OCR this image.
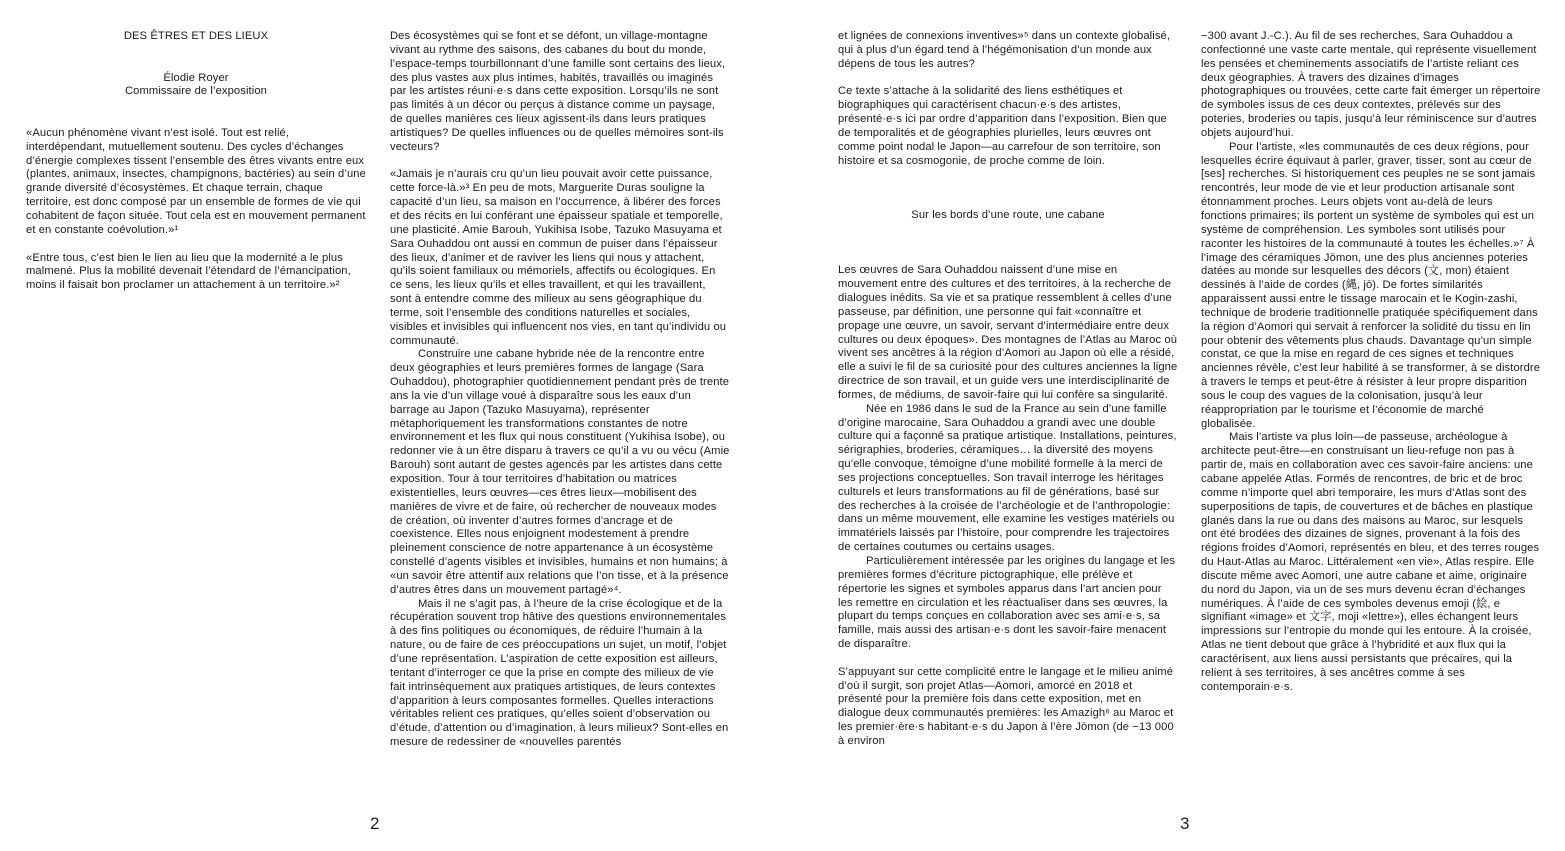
DES ÊTRES ET DES LIEUX
Élodie Royer
Commissaire de l’exposition

«Aucun phénomène vivant n’est isolé. Tout est relié, interdépendant, mutuellement soutenu. Des cycles d’échanges d’énergie complexes tissent l’ensemble des êtres vivants entre eux (plantes, animaux, insectes, champignons, bactéries) au sein d’une grande diversité d’écosystèmes. Et chaque terrain, chaque territoire, est donc composé par un ensemble de formes de vie qui cohabitent de façon située. Tout cela est en mouvement permanent et en constante coévolution.»¹

«Entre tous, c’est bien le lien au lieu que la modernité a le plus malmené. Plus la mobilité devenait l’étendard de l’émancipation, moins il faisait bon proclamer un attachement à un territoire.»²

Des écosystèmes qui se font et se défont, un village-montagne vivant au rythme des saisons, des cabanes du bout du monde, l’espace-temps tourbillonnant d’une famille sont certains des lieux, des plus vastes aux plus intimes, habités, travaillés ou imaginés par les artistes réuni·e·s dans cette exposition. Lorsqu’ils ne sont pas limités à un décor ou perçus à distance comme un paysage, de quelles manières ces lieux agissent-ils dans leurs pratiques artistiques? De quelles influences ou de quelles mémoires sont-ils vecteurs?

«Jamais je n’aurais cru qu’un lieu pouvait avoir cette puissance, cette force-là.»³ En peu de mots, Marguerite Duras souligne la capacité d’un lieu, sa maison en l’occurrence, à libérer des forces et des récits en lui conférant une épaisseur spatiale et temporelle, une plasticité. Amie Barouh, Yukihisa Isobe, Tazuko Masuyama et Sara Ouhaddou ont aussi en commun de puiser dans l’épaisseur des lieux, d’animer et de raviver les liens qui nous y attachent, qu’ils soient familiaux ou mémoriels, affectifs ou écologiques. En ce sens, les lieux qu’ils et elles travaillent, et qui les travaillent, sont à entendre comme des milieux au sens géographique du terme, soit l’ensemble des conditions naturelles et sociales, visibles et invisibles qui influencent nos vies, en tant qu’individu ou communauté.

Construire une cabane hybride née de la rencontre entre deux géographies et leurs premières formes de langage (Sara Ouhaddou), photographier quotidiennement pendant près de trente ans la vie d’un village voué à disparaître sous les eaux d’un barrage au Japon (Tazuko Masuyama), représenter métaphoriquement les transformations constantes de notre environnement et les flux qui nous constituent (Yukihisa Isobe), ou redonner vie à un être disparu à travers ce qu’il a vu ou vécu (Amie Barouh) sont autant de gestes agencés par les artistes dans cette exposition. Tour à tour territoires d’habitation ou matrices existentielles, leurs œuvres—ces êtres lieux—mobilisent des manières de vivre et de faire, où rechercher de nouveaux modes de création, où inventer d’autres formes d’ancrage et de coexistence. Elles nous enjoignent modestement à prendre pleinement conscience de notre appartenance à un écosystème constellé d’agents visibles et invisibles, humains et non humains; à «un savoir être attentif aux relations que l’on tisse, et à la présence d’autres êtres dans un mouvement partagé»⁴.

Mais il ne s’agit pas, à l’heure de la crise écologique et de la récupération souvent trop hâtive des questions environnementales à des fins politiques ou économiques, de réduire l’humain à la nature, ou de faire de ces préoccupations un sujet, un motif, l’objet d’une représentation. L’aspiration de cette exposition est ailleurs, tentant d’interroger ce que la prise en compte des milieux de vie fait intrinsèquement aux pratiques artistiques, de leurs contextes d’apparition à leurs composantes formelles. Quelles interactions véritables relient ces pratiques, qu’elles soient d’observation ou d’étude, d’attention ou d’imagination, à leurs milieux? Sont-elles en mesure de redessiner de «nouvelles parentés

2

et lignées de connexions inventives»⁵ dans un contexte globalisé, qui à plus d’un égard tend à l’hégémonisation d’un monde aux dépens de tous les autres?

Ce texte s’attache à la solidarité des liens esthétiques et biographiques qui caractérisent chacun·e·s des artistes, présenté·e·s ici par ordre d’apparition dans l’exposition. Bien que de temporalités et de géographies plurielles, leurs œuvres ont comme point nodal le Japon—au carrefour de son territoire, son histoire et sa cosmogonie, de proche comme de loin.

Sur les bords d’une route, une cabane

Les œuvres de Sara Ouhaddou naissent d’une mise en mouvement entre des cultures et des territoires, à la recherche de dialogues inédits. Sa vie et sa pratique ressemblent à celles d’une passeuse, par définition, une personne qui fait «connaître et propage une œuvre, un savoir, servant d’intermédiaire entre deux cultures ou deux époques». Des montagnes de l’Atlas au Maroc où vivent ses ancêtres à la région d’Aomori au Japon où elle a résidé, elle a suivi le fil de sa curiosité pour des cultures anciennes la ligne directrice de son travail, et un guide vers une interdisciplinarité de formes, de médiums, de savoir-faire qui lui confère sa singularité.

Née en 1986 dans le sud de la France au sein d’une famille d’origine marocaine, Sara Ouhaddou a grandi avec une double culture qui a façonné sa pratique artistique. Installations, peintures, sérigraphies, broderies, céramiques… la diversité des moyens qu’elle convoque, témoigne d’une mobilité formelle à la merci de ses projections conceptuelles. Son travail interroge les héritages culturels et leurs transformations au fil de générations, basé sur des recherches à la croisée de l’archéologie et de l’anthropologie: dans un même mouvement, elle examine les vestiges matériels ou immatériels laissés par l’histoire, pour comprendre les trajectoires de certaines coutumes ou certains usages.

Particulièrement intéressée par les origines du langage et les premières formes d’écriture pictographique, elle prélève et répertorie les signes et symboles apparus dans l’art ancien pour les remettre en circulation et les réactualiser dans ses œuvres, la plupart du temps conçues en collaboration avec ses ami·e·s, sa famille, mais aussi des artisan·e·s dont les savoir-faire menacent de disparaître.

S’appuyant sur cette complicité entre le langage et le milieu animé d’où il surgit, son projet Atlas—Aomori, amorcé en 2018 et présenté pour la première fois dans cette exposition, met en dialogue deux communautés premières: les Amazigh⁶ au Maroc et les premier·ère·s habitant·e·s du Japon à l’ère Jōmon (de −13 000 à environ

−300 avant J.-C.). Au fil de ses recherches, Sara Ouhaddou a confectionné une vaste carte mentale, qui représente visuellement les pensées et cheminements associatifs de l’artiste reliant ces deux géographies. À travers des dizaines d’images photographiques ou trouvées, cette carte fait émerger un répertoire de symboles issus de ces deux contextes, prélevés sur des poteries, broderies ou tapis, jusqu’à leur réminiscence sur d’autres objets aujourd’hui.

Pour l’artiste, «les communautés de ces deux régions, pour lesquelles écrire équivaut à parler, graver, tisser, sont au cœur de [ses] recherches. Si historiquement ces peuples ne se sont jamais rencontrés, leur mode de vie et leur production artisanale sont étonnamment proches. Leurs objets vont au-delà de leurs fonctions primaires; ils portent un système de symboles qui est un système de compréhension. Les symboles sont utilisés pour raconter les histoires de la communauté à toutes les échelles.»⁷ À l’image des céramiques Jōmon, une des plus anciennes poteries datées au monde sur lesquelles des décors (文, mon) étaient dessinés à l’aide de cordes (縄, jō). De fortes similarités apparaissent aussi entre le tissage marocain et le Kogin-zashi, technique de broderie traditionnelle pratiquée spécifiquement dans la région d’Aomori qui servait à renforcer la solidité du tissu en lin pour obtenir des vêtements plus chauds. Davantage qu’un simple constat, ce que la mise en regard de ces signes et techniques anciennes révèle, c’est leur habilité à se transformer, à se distordre à travers le temps et peut-être à résister à leur propre disparition sous le coup des vagues de la colonisation, jusqu’à leur réappropriation par le tourisme et l’économie de marché globalisée.

Mais l’artiste va plus loin—de passeuse, archéologue à architecte peut-être—en construisant un lieu-refuge non pas à partir de, mais en collaboration avec ces savoir-faire anciens: une cabane appelée Atlas. Formés de rencontres, de bric et de broc comme n’importe quel abri temporaire, les murs d’Atlas sont des superpositions de tapis, de couvertures et de bâches en plastique glanés dans la rue ou dans des maisons au Maroc, sur lesquels ont été brodées des dizaines de signes, provenant à la fois des régions froides d’Aomori, représentés en bleu, et des terres rouges du Haut-Atlas au Maroc. Littéralement «en vie», Atlas respire. Elle discute même avec Aomori, une autre cabane et aime, originaire du nord du Japon, via un de ses murs devenu écran d’échanges numériques. À l’aide de ces symboles devenus emoji (絵, e signifiant «image» et 文字, moji «lettre»), elles échangent leurs impressions sur l’entropie du monde qui les entoure. À la croisée, Atlas ne tient debout que grâce à l’hybridité et aux flux qui la caractérisent, aux liens aussi persistants que précaires, qui la relient à ses territoires, à ses ancêtres comme à ses contemporain·e·s.

3
